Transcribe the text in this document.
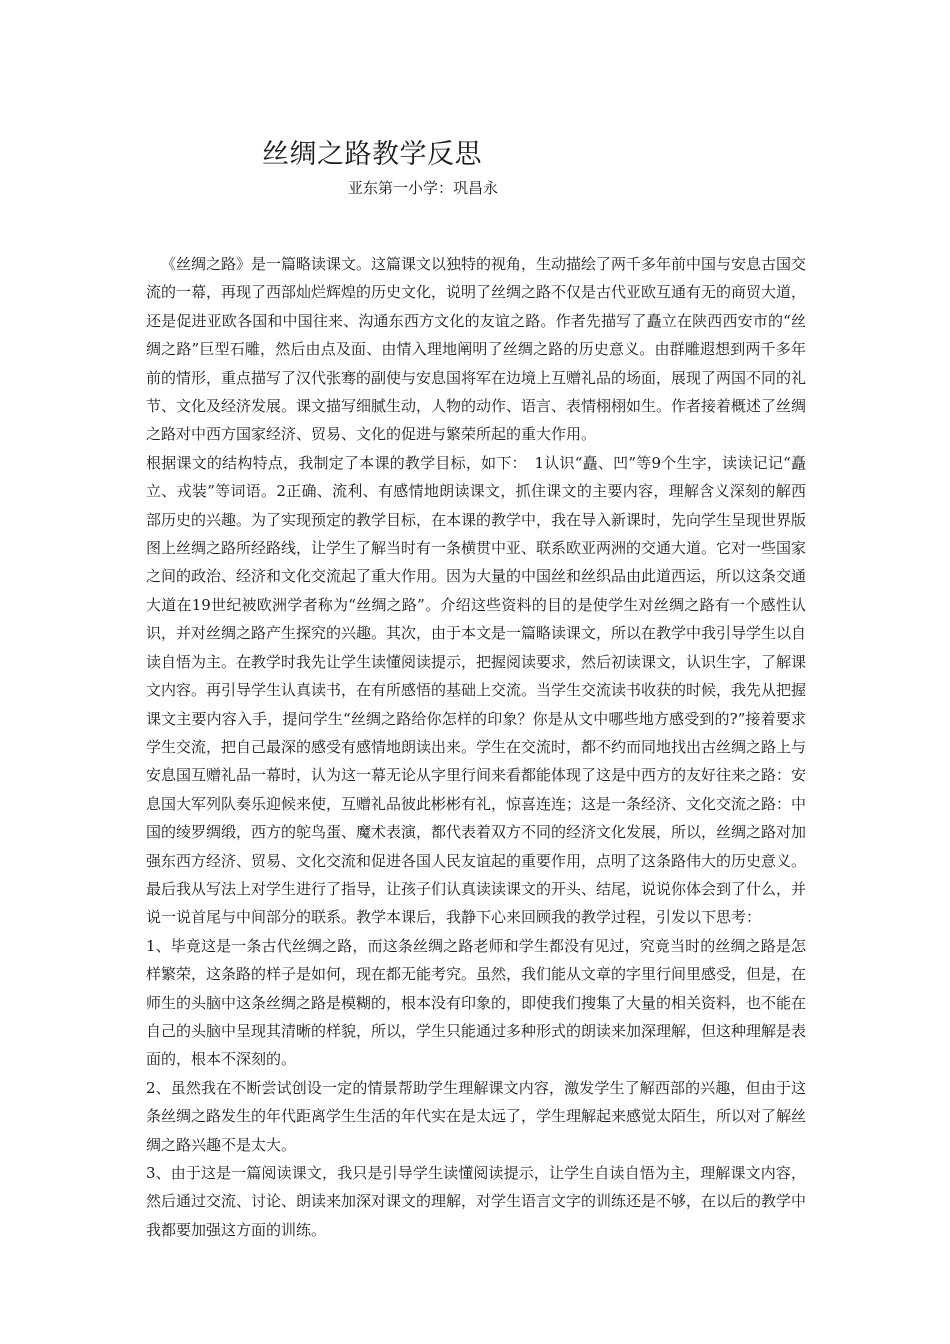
丝绸之路教学反思
亚东第一小学：巩昌永

《丝绸之路》是一篇略读课文。这篇课文以独特的视角，生动描绘了两千多年前中国与安息古国交流的一幕，再现了西部灿烂辉煌的历史文化，说明了丝绸之路不仅是古代亚欧互通有无的商贸大道，还是促进亚欧各国和中国往来、沟通东西方文化的友谊之路。作者先描写了矗立在陕西西安市的“丝绸之路”巨型石雕，然后由点及面、由情入理地阐明了丝绸之路的历史意义。由群雕遐想到两千多年前的情形，重点描写了汉代张骞的副使与安息国将军在边境上互赠礼品的场面，展现了两国不同的礼节、文化及经济发展。课文描写细腻生动，人物的动作、语言、表情栩栩如生。作者接着概述了丝绸之路对中西方国家经济、贸易、文化的促进与繁荣所起的重大作用。

根据课文的结构特点，我制定了本课的教学目标，如下：　1认识“矗、凹”等9个生字，读读记记“矗立、戎装”等词语。2正确、流利、有感情地朗读课文，抓住课文的主要内容，理解含义深刻的解西部历史的兴趣。为了实现预定的教学目标，在本课的教学中，我在导入新课时，先向学生呈现世界版图上丝绸之路所经路线，让学生了解当时有一条横贯中亚、联系欧亚两洲的交通大道。它对一些国家之间的政治、经济和文化交流起了重大作用。因为大量的中国丝和丝织品由此道西运，所以这条交通大道在19世纪被欧洲学者称为“丝绸之路”。介绍这些资料的目的是使学生对丝绸之路有一个感性认识，并对丝绸之路产生探究的兴趣。其次，由于本文是一篇略读课文，所以在教学中我引导学生以自读自悟为主。在教学时我先让学生读懂阅读提示，把握阅读要求，然后初读课文，认识生字，了解课文内容。再引导学生认真读书，在有所感悟的基础上交流。当学生交流读书收获的时候，我先从把握课文主要内容入手，提问学生“丝绸之路给你怎样的印象？你是从文中哪些地方感受到的?”接着要求学生交流，把自己最深的感受有感情地朗读出来。学生在交流时，都不约而同地找出古丝绸之路上与安息国互赠礼品一幕时，认为这一幕无论从字里行间来看都能体现了这是中西方的友好往来之路：安息国大军列队奏乐迎候来使，互赠礼品彼此彬彬有礼，惊喜连连；这是一条经济、文化交流之路：中国的绫罗绸缎，西方的鸵鸟蛋、魔术表演，都代表着双方不同的经济文化发展，所以，丝绸之路对加强东西方经济、贸易、文化交流和促进各国人民友谊起的重要作用，点明了这条路伟大的历史意义。最后我从写法上对学生进行了指导，让孩子们认真读读课文的开头、结尾，说说你体会到了什么，并说一说首尾与中间部分的联系。教学本课后，我静下心来回顾我的教学过程，引发以下思考：

1、毕竟这是一条古代丝绸之路，而这条丝绸之路老师和学生都没有见过，究竟当时的丝绸之路是怎样繁荣，这条路的样子是如何，现在都无能考究。虽然，我们能从文章的字里行间里感受，但是，在师生的头脑中这条丝绸之路是模糊的，根本没有印象的，即使我们搜集了大量的相关资料，也不能在自己的头脑中呈现其清晰的样貌，所以，学生只能通过多种形式的朗读来加深理解，但这种理解是表面的，根本不深刻的。

2、虽然我在不断尝试创设一定的情景帮助学生理解课文内容，激发学生了解西部的兴趣，但由于这条丝绸之路发生的年代距离学生生活的年代实在是太远了，学生理解起来感觉太陌生，所以对了解丝绸之路兴趣不是太大。

3、由于这是一篇阅读课文，我只是引导学生读懂阅读提示，让学生自读自悟为主，理解课文内容，然后通过交流、讨论、朗读来加深对课文的理解，对学生语言文字的训练还是不够，在以后的教学中我都要加强这方面的训练。
